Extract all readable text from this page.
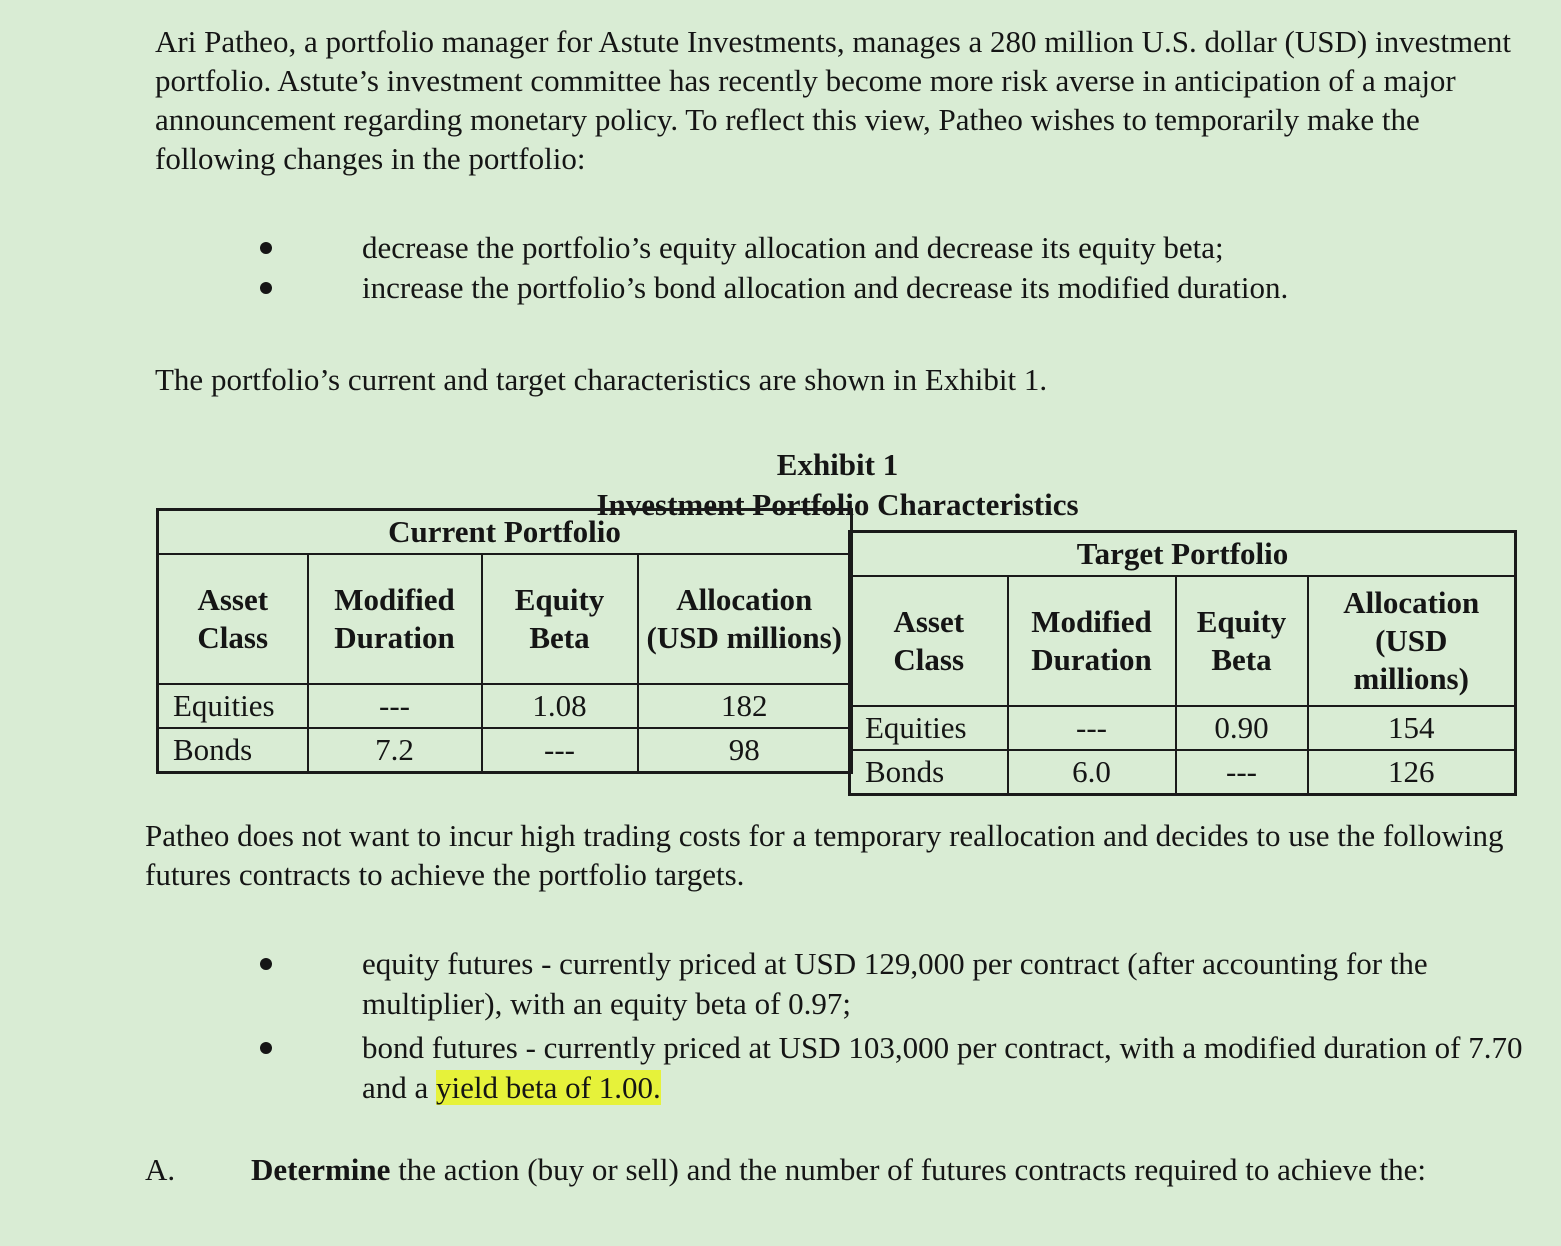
Ari Patheo, a portfolio manager for Astute Investments, manages a 280 million U.S. dollar (USD) investment portfolio. Astute’s investment committee has recently become more risk averse in anticipation of a major announcement regarding monetary policy. To reflect this view, Patheo wishes to temporarily make the following changes in the portfolio:

decrease the portfolio’s equity allocation and decrease its equity beta;
increase the portfolio’s bond allocation and decrease its modified duration.

The portfolio’s current and target characteristics are shown in Exhibit 1.

Exhibit 1

Investment Portfolio Characteristics

Current Portfolio			
Asset Class	Modified Duration	Equity Beta	Allocation (USD millions)
Equities	---	1.08	182
Bonds	7.2	---	98
Target Portfolio			
Asset Class	Modified Duration	Equity Beta	Allocation (USD millions)
Equities	---	0.90	154
Bonds	6.0	---	126

Patheo does not want to incur high trading costs for a temporary reallocation and decides to use the following futures contracts to achieve the portfolio targets.

equity futures - currently priced at USD 129,000 per contract (after accounting for the multiplier), with an equity beta of 0.97;
bond futures - currently priced at USD 103,000 per contract, with a modified duration of 7.70 and a yield beta of 1.00.
A. Determine the action (buy or sell) and the number of futures contracts required to achieve the:
